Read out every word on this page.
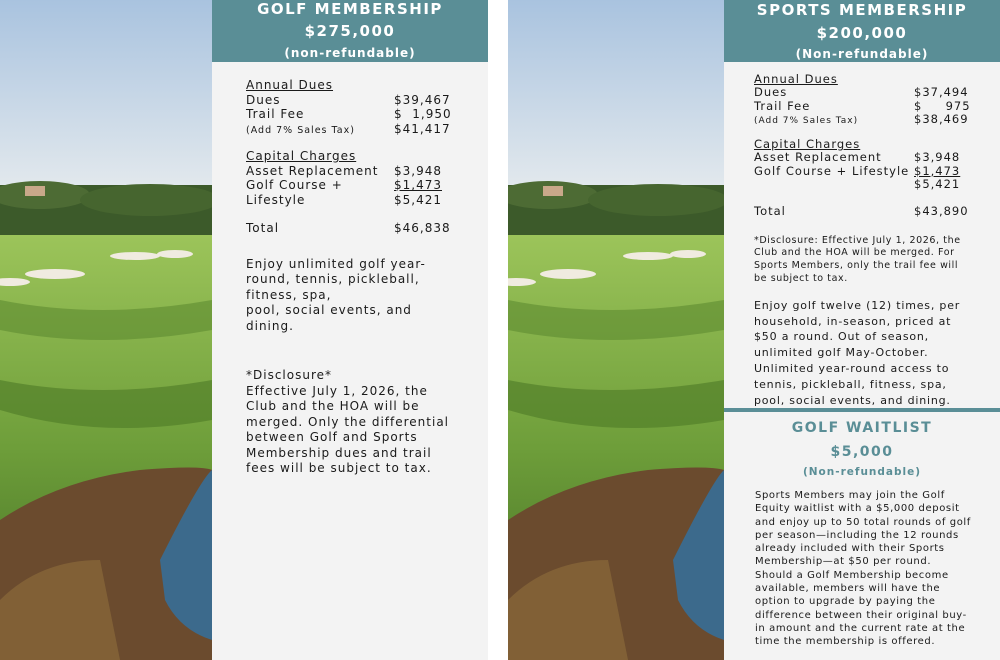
GOLF MEMBERSHIP
$275,000
(non-refundable)
Annual Dues
Dues	$39,467
Trail Fee	$  1,950
(Add 7% Sales Tax)	$41,417
Capital Charges
Asset Replacement $3,948
Golf Course +	$1,473
Lifestyle	$5,421
Total	$46,838
Enjoy unlimited golf year-
round, tennis, pickleball,
fitness, spa,
pool, social events, and
dining.
*Disclosure*
Effective July 1, 2026, the
Club and the HOA will be
merged. Only the differential
between Golf and Sports
Membership dues and trail
fees will be subject to tax.
SPORTS MEMBERSHIP
$200,000
(Non-refundable)
Annual Dues
Dues	$37,494
Trail Fee	$     975
(Add 7% Sales Tax)	$38,469
Capital Charges
Asset Replacement	$3,948
Golf Course + Lifestyle $1,473
$5,421
Total	$43,890
*Disclosure: Effective July 1, 2026, the
Club and the HOA will be merged. For
Sports Members, only the trail fee will
be subject to tax.
Enjoy golf twelve (12) times, per
household, in-season, priced at
$50 a round. Out of season,
unlimited golf May-October.
Unlimited year-round access to
tennis, pickleball, fitness, spa,
pool, social events, and dining.
GOLF WAITLIST
$5,000
(Non-refundable)
Sports Members may join the Golf
Equity waitlist with a $5,000 deposit
and enjoy up to 50 total rounds of golf
per season—including the 12 rounds
already included with their Sports
Membership—at $50 per round.
Should a Golf Membership become
available, members will have the
option to upgrade by paying the
difference between their original buy-
in amount and the current rate at the
time the membership is offered.
